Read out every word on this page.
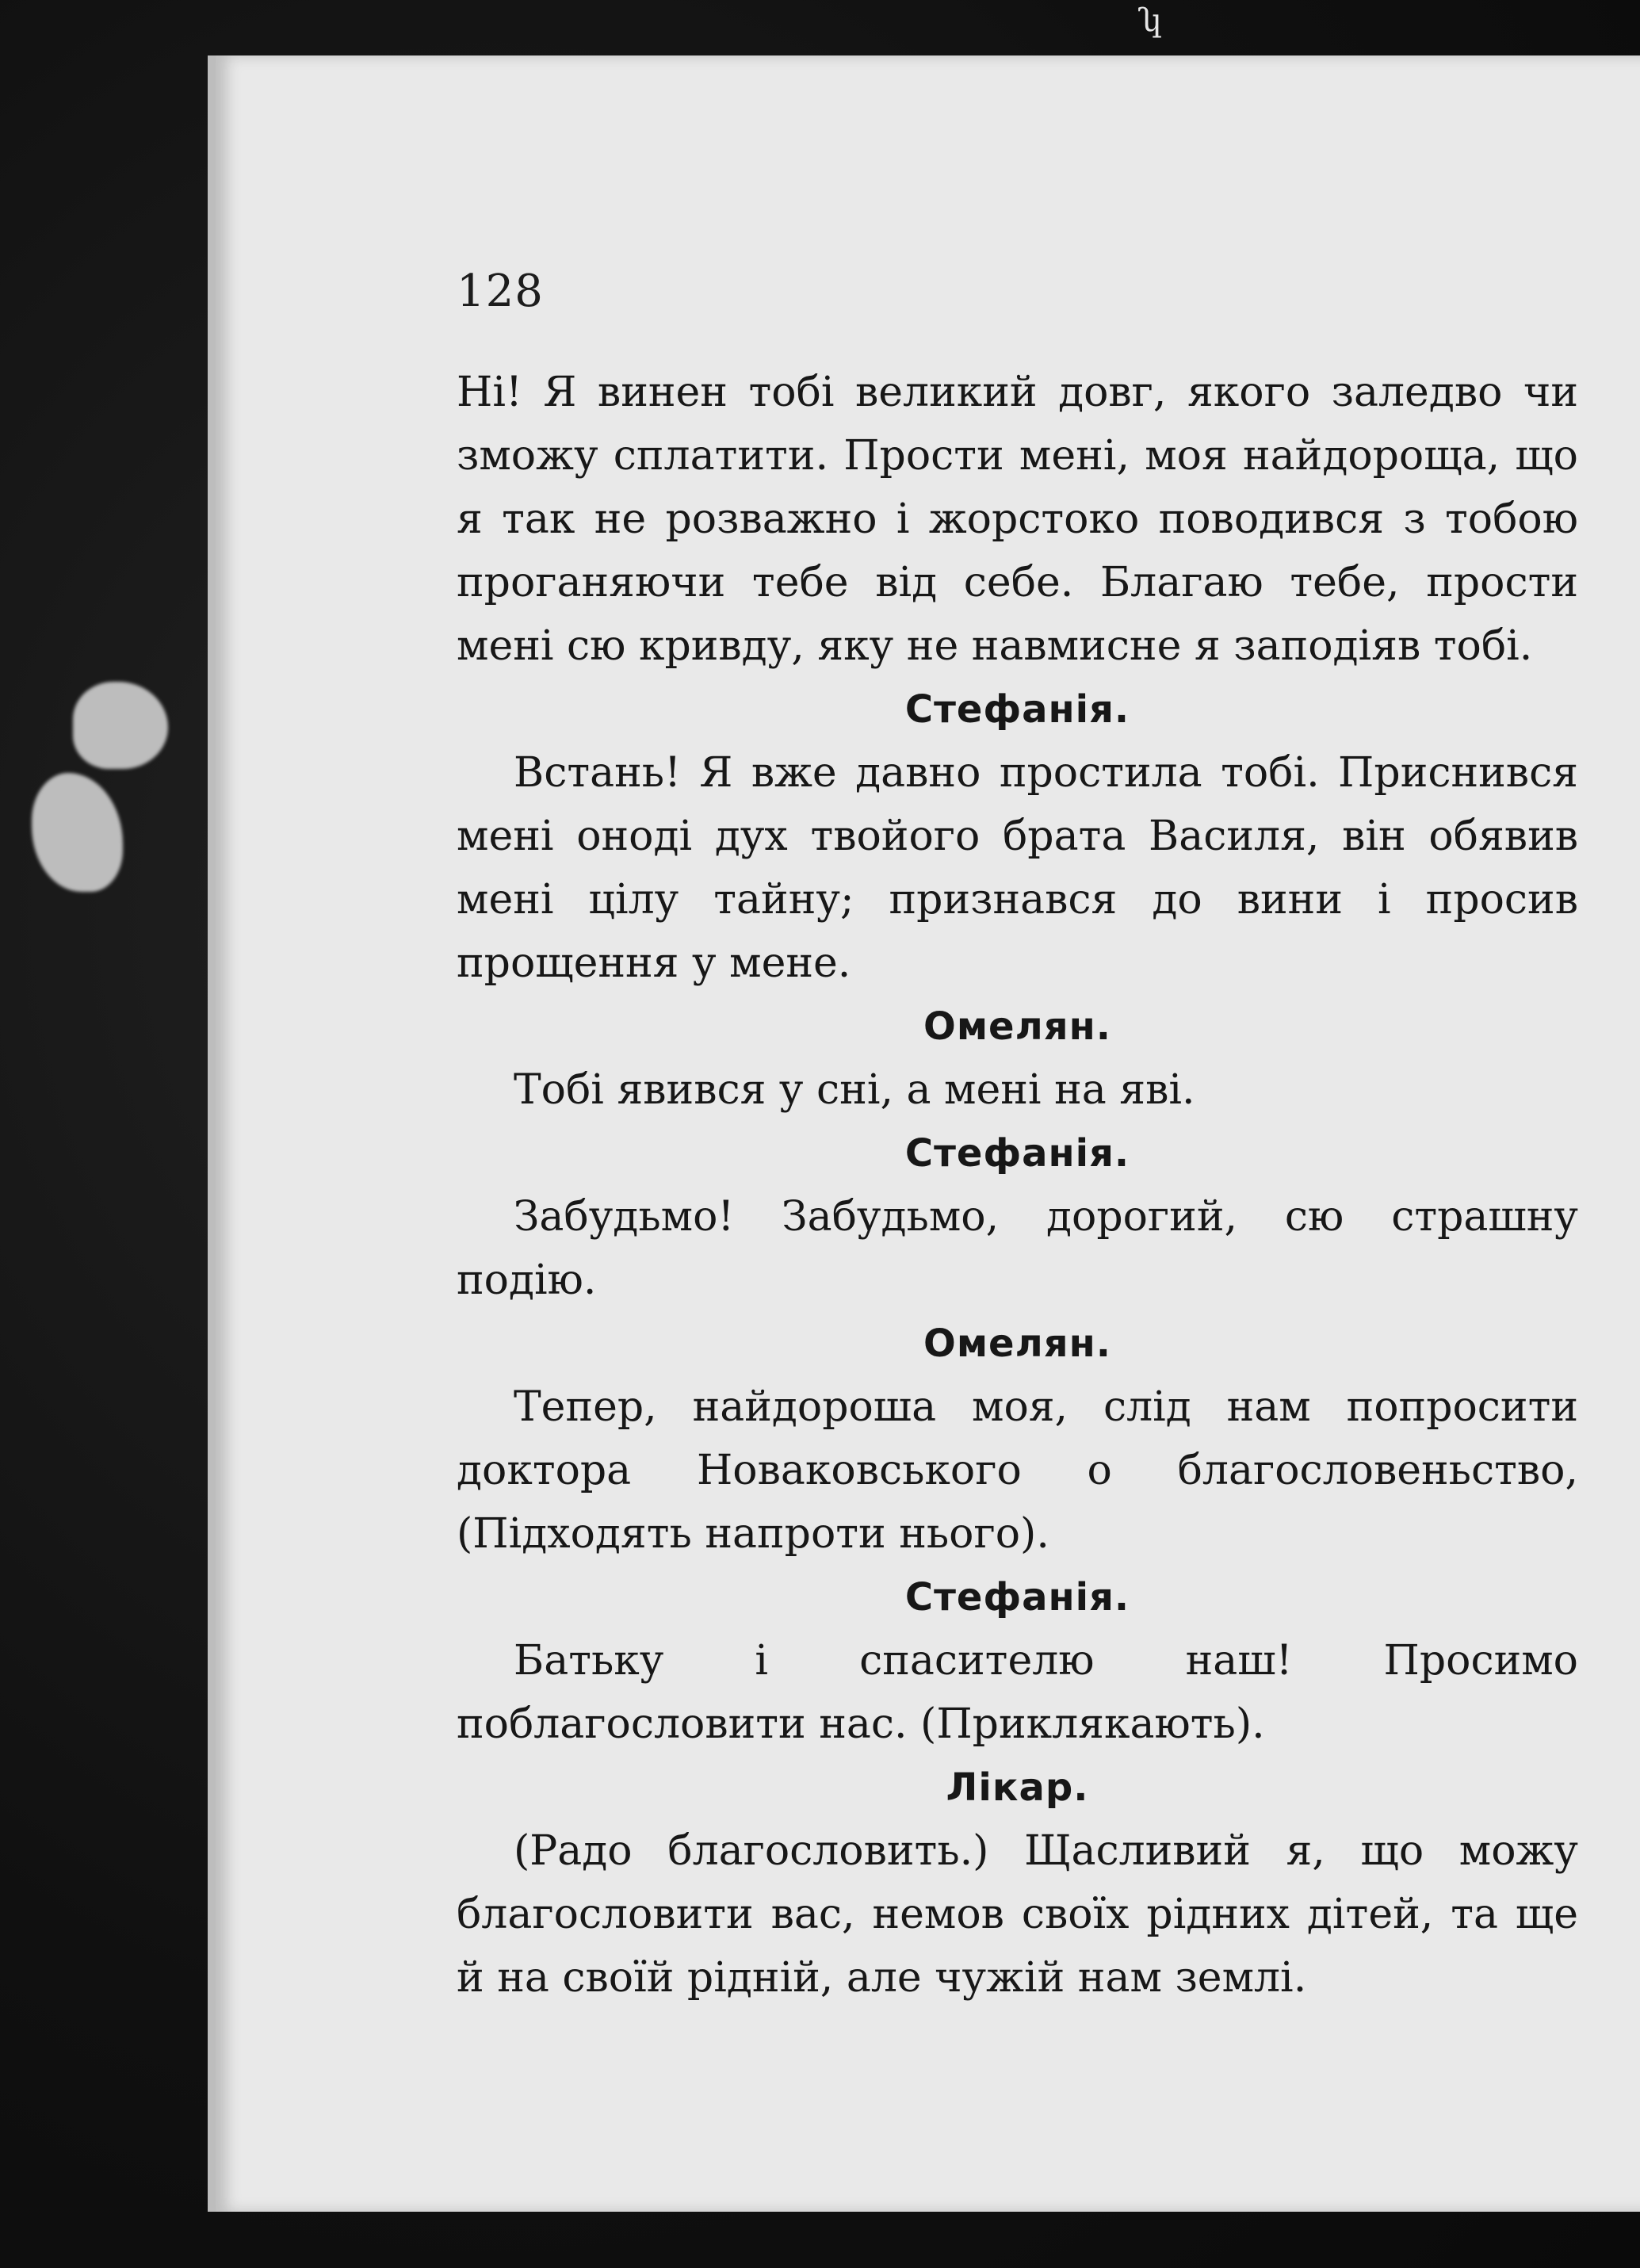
ʮ
128

Ні! Я винен тобі великий довг, якого заледво чи зможу сплатити. Прости мені, моя найдороща, що я так не розважно і жорстоко поводився з тобою проганяючи тебе від себе. Благаю тебе, прости мені сю кривду, яку не навмисне я заподіяв тобі.

Стефанія.

Встань! Я вже давно простила тобі. Приснився мені оноді дух твойого брата Василя, він обявив мені цілу тайну; признався до вини і просив прощення у мене.

Омелян.

Тобі явився у сні, а мені на яві.

Стефанія.

Забудьмо! Забудьмо, дорогий, сю страшну подію.

Омелян.

Тепер, найдороша моя, слід нам попросити доктора Новаковського о благословеньство, (Підходять напроти нього).

Стефанія.

Батьку і спасителю наш! Просимо поблагословити нас. (Приклякають).

Лікар.

(Радо благословить.) Щасливий я, що можу благословити вас, немов своїх рідних дітей, та ще й на своїй рідній, але чужій нам землі.
